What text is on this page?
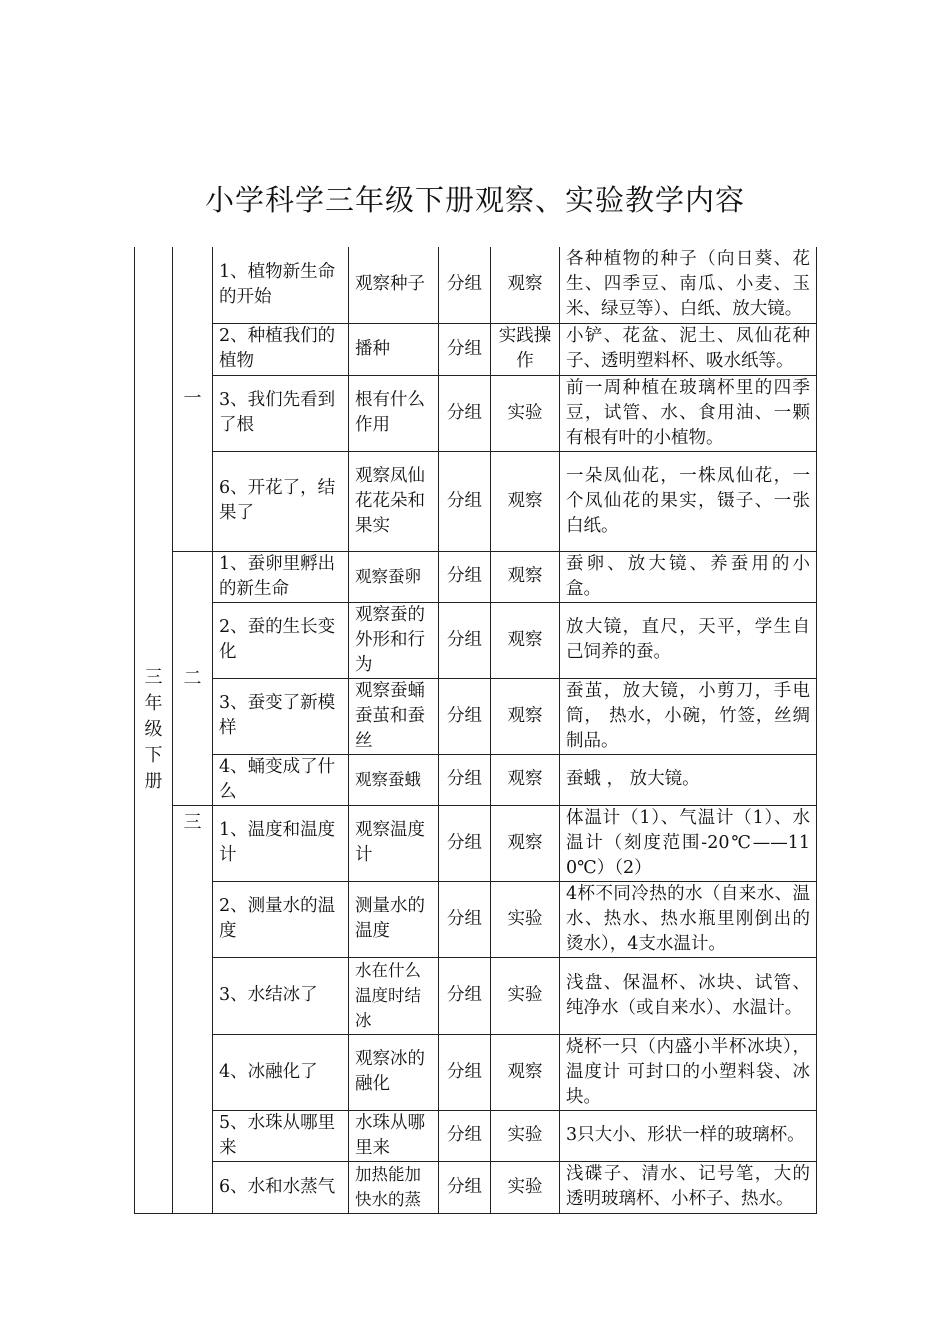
小学科学三年级下册观察、实验教学内容
三年级下册	一	1、植物新生命的开始	观察种子	分组	观察	各种植物的种子（向日葵、花生、四季豆、南瓜、小麦、玉米、绿豆等）、白纸、放大镜。
		2、种植我们的植物	播种	分组	实践操作	小铲、花盆、泥土、凤仙花种子、透明塑料杯、吸水纸等。
		3、我们先看到了根	根有什么作用	分组	实验	前一周种植在玻璃杯里的四季豆，试管、水、食用油、一颗有根有叶的小植物。
		6、开花了，结果了	观察凤仙花花朵和果实	分组	观察	一朵凤仙花，一株凤仙花，一个凤仙花的果实，镊子、一张白纸。
	二	1、蚕卵里孵出的新生命	观察蚕卵	分组	观察	蚕卵、放大镜、养蚕用的小盒。
		2、蚕的生长变化	观察蚕的外形和行为	分组	观察	放大镜，直尺，天平，学生自己饲养的蚕。
		3、蚕变了新模样	观察蚕蛹蚕茧和蚕丝	分组	观察	蚕茧，放大镜，小剪刀，手电筒， 热水，小碗，竹签，丝绸制品。
		4、蛹变成了什么	观察蚕蛾	分组	观察	蚕蛾 ， 放大镜。
	三	1、温度和温度计	观察温度计	分组	观察	体温计（1）、气温计（1）、水温计（刻度范围-20℃——110℃）（2）
		2、测量水的温度	测量水的温度	分组	实验	4杯不同冷热的水（自来水、温水、热水、热水瓶里刚倒出的烫水），4支水温计。
		3、水结冰了	水在什么温度时结冰	分组	实验	浅盘、保温杯、冰块、试管、纯净水（或自来水）、水温计。
		4、冰融化了	观察冰的融化	分组	观察	烧杯一只（内盛小半杯冰块），温度计 可封口的小塑料袋、冰块。
		5、水珠从哪里来	水珠从哪里来	分组	实验	3只大小、形状一样的玻璃杯。
		6、水和水蒸气	加热能加快水的蒸	分组	实验	浅碟子、清水、记号笔，大的透明玻璃杯、小杯子、热水。
